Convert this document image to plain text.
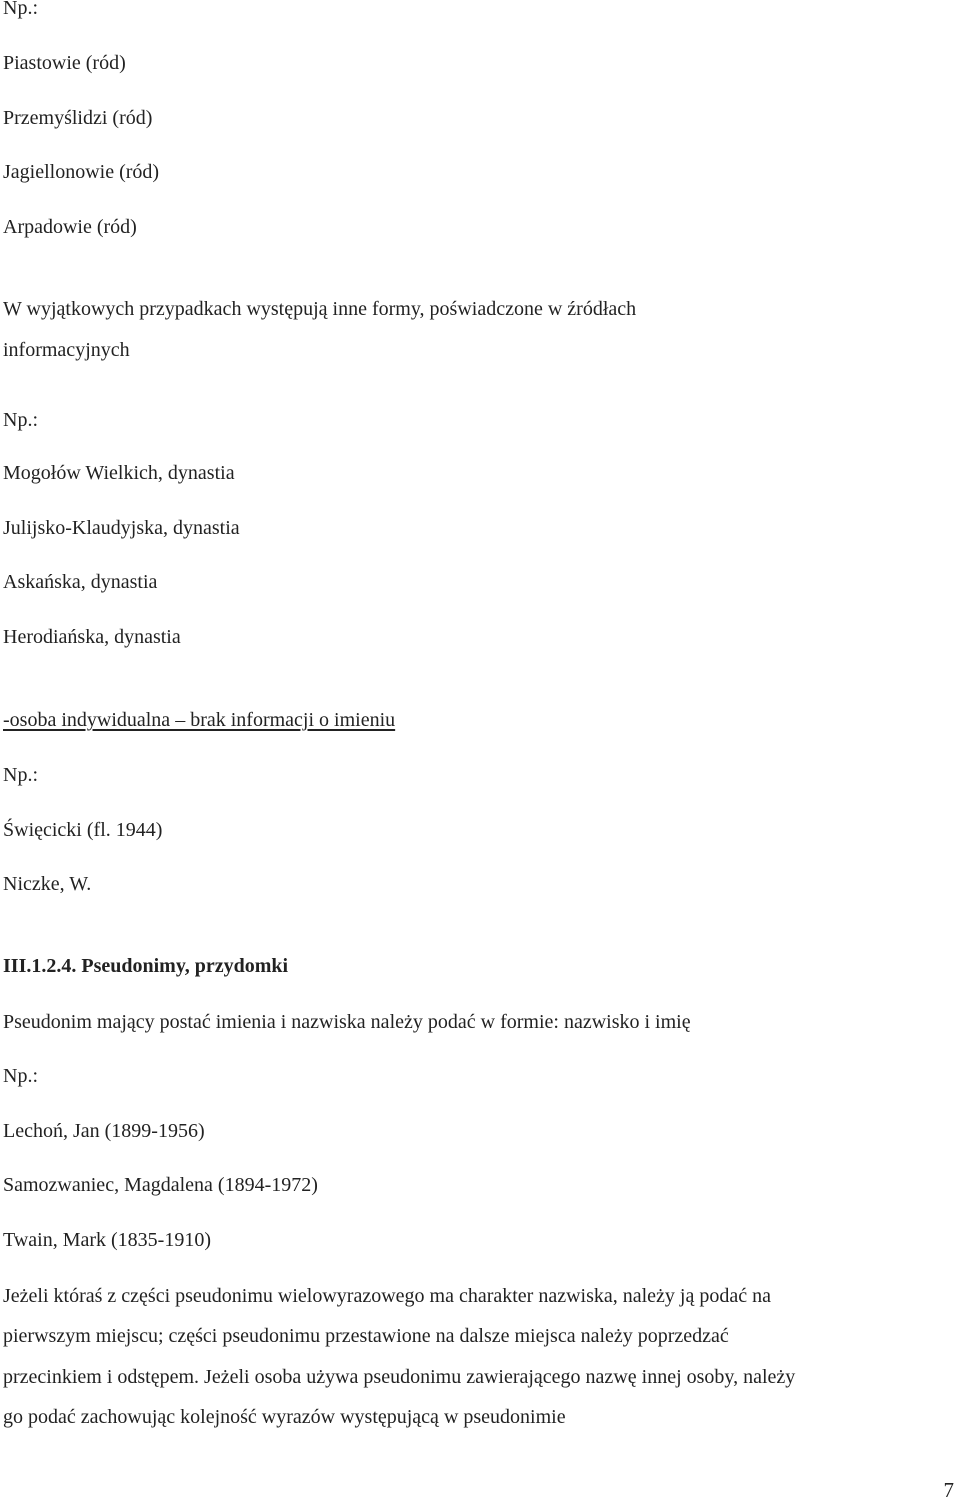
Np.:

Piastowie (ród)

Przemyślidzi (ród)

Jagiellonowie (ród)

Arpadowie (ród)

W wyjątkowych przypadkach występują inne formy, poświadczone w źródłach

informacyjnych

Np.:

Mogołów Wielkich, dynastia

Julijsko-Klaudyjska, dynastia

Askańska, dynastia

Herodiańska, dynastia

-osoba indywidualna – brak informacji o imieniu

Np.:

Święcicki (fl. 1944)

Niczke, W.

III.1.2.4. Pseudonimy, przydomki

Pseudonim mający postać imienia i nazwiska należy podać w formie: nazwisko i imię

Np.:

Lechoń, Jan (1899-1956)

Samozwaniec, Magdalena (1894-1972)

Twain, Mark (1835-1910)

Jeżeli któraś z części pseudonimu wielowyrazowego ma charakter nazwiska, należy ją podać na

pierwszym miejscu; części pseudonimu przestawione na dalsze miejsca należy poprzedzać

przecinkiem i odstępem. Jeżeli osoba używa pseudonimu zawierającego nazwę innej osoby, należy

go podać zachowując kolejność wyrazów występującą w pseudonimie

7
